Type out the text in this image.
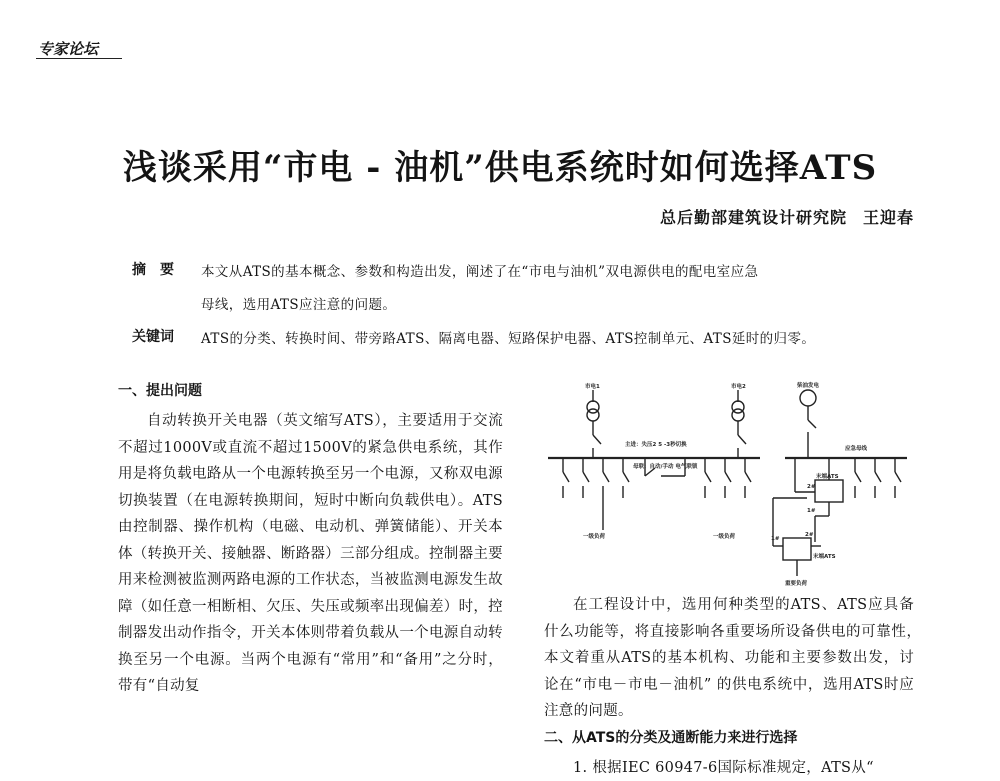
专家论坛
浅谈采用“市电 - 油机”供电系统时如何选择ATS
总后勤部建筑设计研究院 王迎春
摘　要 本文从ATS的基本概念、参数和构造出发，阐述了在“市电与油机”双电源供电的配电室应急
母线，选用ATS应注意的问题。
关键词 ATS的分类、转换时间、带旁路ATS、隔离电器、短路保护电器、ATS控制单元、ATS延时的归零。
一、提出问题

自动转换开关电器（英文缩写ATS），主要适用于交流不超过1000V或直流不超过1500V的紧急供电系统，其作用是将负载电路从一个电源转换至另一个电源，又称双电源切换装置（在电源转换期间，短时中断向负载供电）。ATS由控制器、操作机构（电磁、电动机、弹簧储能）、开关本体（转换开关、接触器、断路器）三部分组成。控制器主要用来检测被监测两路电源的工作状态，当被监测电源发生故障（如任意一相断相、欠压、失压或频率出现偏差）时，控制器发出动作指令，开关本体则带着负载从一个电源自动转换至另一个电源。当两个电源有“常用”和“备用”之分时，带有“自动复

市电1	市电2	柴油发电
主进：失压2 5 -3秒切换
母联：自动/手动 电气联锁
应急母线
末端ATS
一级负荷	一级负荷
末端ATS
重要负荷
2#
1#
1#
2#

在工程设计中，选用何种类型的ATS、ATS应具备什么功能等，将直接影响各重要场所设备供电的可靠性，　本文着重从ATS的基本机构、功能和主要参数出发，讨论在“市电－市电－油机” 的供电系统中，选用ATS时应注意的问题。

二、从ATS的分类及通断能力来进行选择

1. 根据IEC 60947-6国际标准规定，ATS从“
